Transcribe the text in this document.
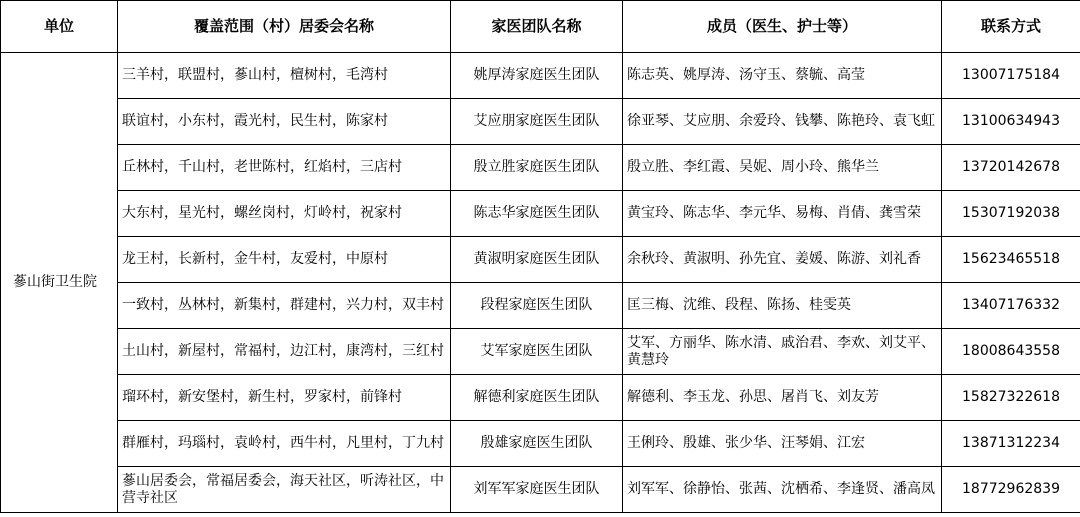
单位	覆盖范围（村）居委会名称	家医团队名称	成员（医生、护士等）	联系方式
蔘山街卫生院	三羊村，联盟村，蔘山村，檀树村，毛湾村	姚厚涛家庭医生团队	陈志英、姚厚涛、汤守玉、蔡毓、高莹	13007175184
	联谊村，小东村，霞光村，民生村，陈家村	艾应朋家庭医生团队	徐亚琴、艾应朋、余爱玲、钱攀、陈艳玲、袁飞虹	13100634943
	丘林村，千山村，老世陈村，红焰村，三店村	殷立胜家庭医生团队	殷立胜、李红霞、吴妮、周小玲、熊华兰	13720142678
	大东村，星光村，螺丝岗村，灯岭村，祝家村	陈志华家庭医生团队	黄宝玲、陈志华、李元华、易梅、肖倩、龚雪荣	15307192038
	龙王村，长新村，金牛村，友爱村，中原村	黄淑明家庭医生团队	余秋玲、黄淑明、孙先宜、姜媛、陈游、刘礼香	15623465518
	一致村，丛林村，新集村，群建村，兴力村，双丰村	段程家庭医生团队	匡三梅、沈维、段程、陈扬、桂雯英	13407176332
	土山村，新屋村，常福村，边江村，康湾村，三红村	艾军家庭医生团队	艾军、方丽华、陈水清、戚治君、李欢、刘艾平、黄慧玲	18008643558
	瑠环村，新安堡村，新生村，罗家村，前锋村	解德利家庭医生团队	解德利、李玉龙、孙思、屠肖飞、刘友芳	15827322618
	群雁村，玛瑙村，袁岭村，西牛村，凡里村，丁九村	殷雄家庭医生团队	王俐玲、殷雄、张少华、汪琴娟、江宏	13871312234
	蔘山居委会，常福居委会，海天社区，听涛社区，中营寺社区	刘军军家庭医生团队	刘军军、徐静怡、张茜、沈栖希、李逢贤、潘高凤	18772962839
